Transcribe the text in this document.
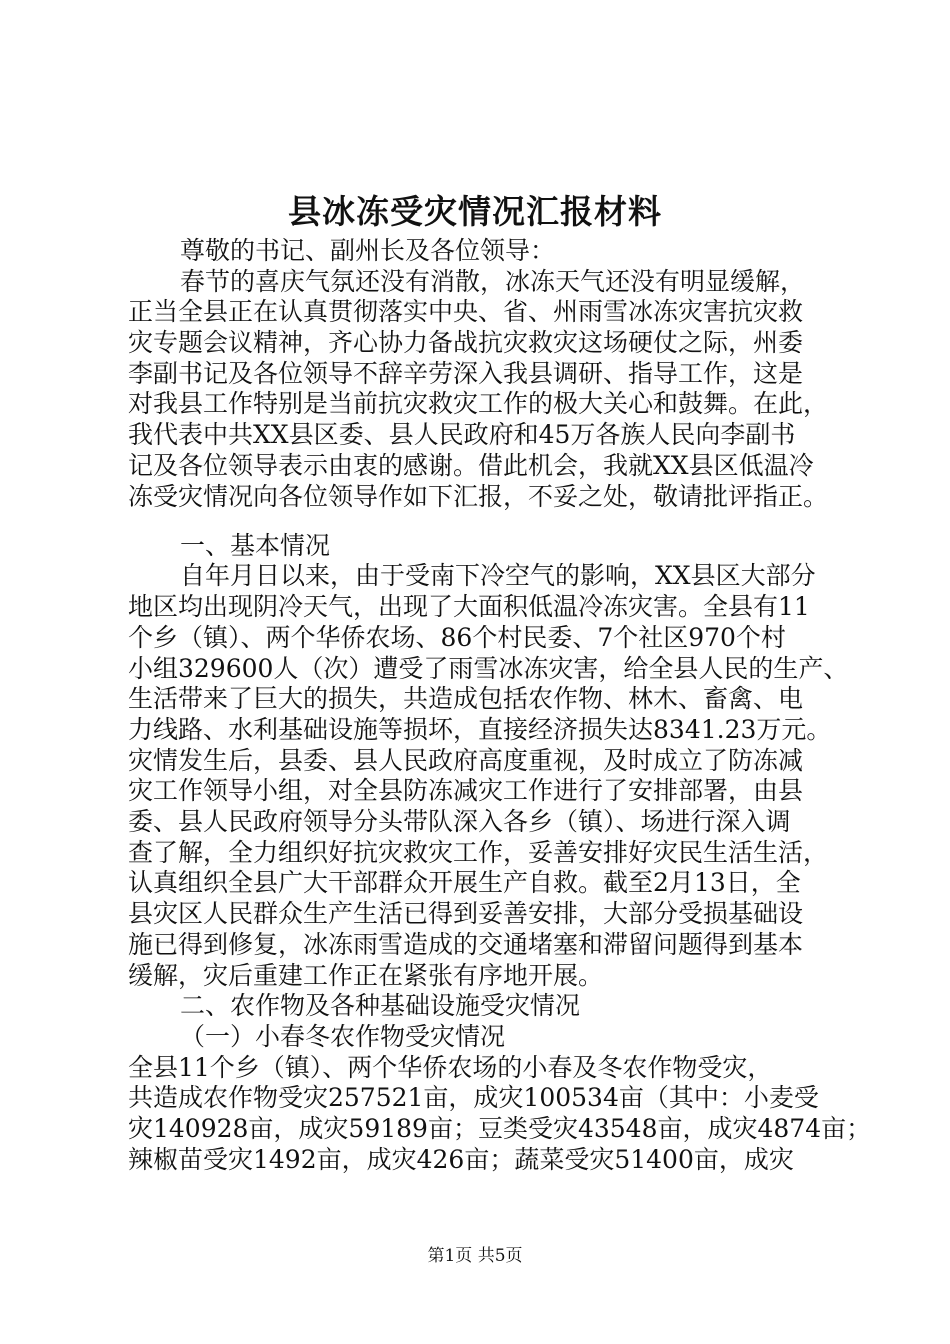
县冰冻受灾情况汇报材料

尊敬的书记、副州长及各位领导：

春节的喜庆气氛还没有消散，冰冻天气还没有明显缓解，

正当全县正在认真贯彻落实中央、省、州雨雪冰冻灾害抗灾救

灾专题会议精神，齐心协力备战抗灾救灾这场硬仗之际，州委

李副书记及各位领导不辞辛劳深入我县调研、指导工作，这是

对我县工作特别是当前抗灾救灾工作的极大关心和鼓舞。在此，

我代表中共XX县区委、县人民政府和45万各族人民向李副书

记及各位领导表示由衷的感谢。借此机会，我就XX县区低温冷

冻受灾情况向各位领导作如下汇报，不妥之处，敬请批评指正。

一、基本情况

自年月日以来，由于受南下冷空气的影响，XX县区大部分

地区均出现阴冷天气，出现了大面积低温冷冻灾害。全县有11

个乡（镇）、两个华侨农场、86个村民委、7个社区970个村

小组329600人（次）遭受了雨雪冰冻灾害，给全县人民的生产、

生活带来了巨大的损失，共造成包括农作物、林木、畜禽、电

力线路、水利基础设施等损坏，直接经济损失达8341.23万元。

灾情发生后，县委、县人民政府高度重视，及时成立了防冻减

灾工作领导小组，对全县防冻减灾工作进行了安排部署，由县

委、县人民政府领导分头带队深入各乡（镇）、场进行深入调

查了解，全力组织好抗灾救灾工作，妥善安排好灾民生活生活，

认真组织全县广大干部群众开展生产自救。截至2月13日，全

县灾区人民群众生产生活已得到妥善安排，大部分受损基础设

施已得到修复，冰冻雨雪造成的交通堵塞和滞留问题得到基本

缓解，灾后重建工作正在紧张有序地开展。

二、农作物及各种基础设施受灾情况

（一）小春冬农作物受灾情况

全县11个乡（镇）、两个华侨农场的小春及冬农作物受灾，

共造成农作物受灾257521亩，成灾100534亩（其中：小麦受

灾140928亩，成灾59189亩；豆类受灾43548亩，成灾4874亩；

辣椒苗受灾1492亩，成灾426亩；蔬菜受灾51400亩，成灾

第1页 共5页
